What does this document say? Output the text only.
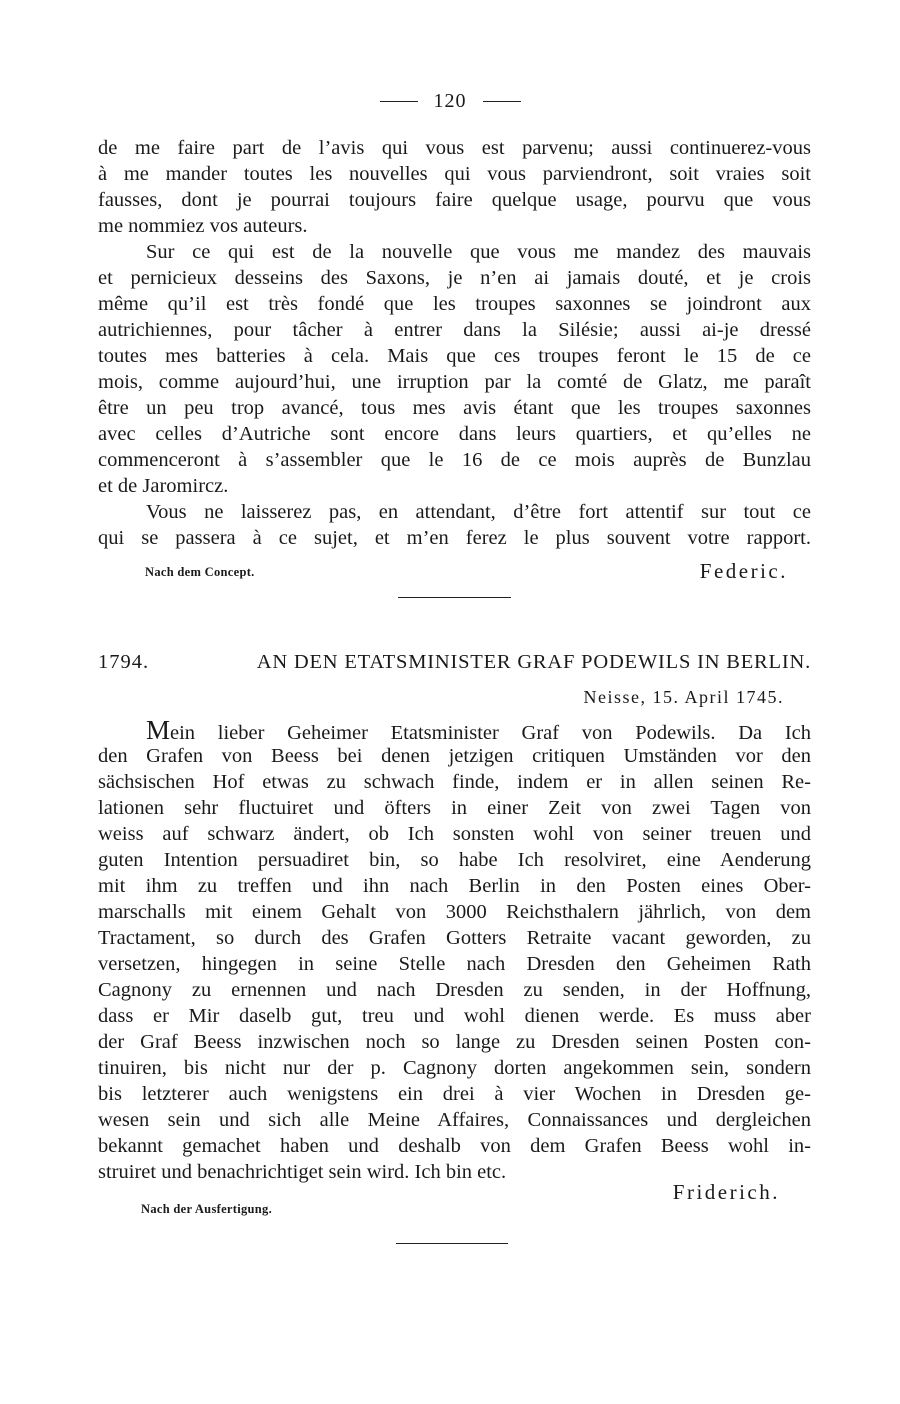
120
de me faire part de l’avis qui vous est parvenu; aussi continuerez-vous
à me mander toutes les nouvelles qui vous parviendront, soit vraies soit
fausses, dont je pourrai toujours faire quelque usage, pourvu que vous
me nommiez vos auteurs.
Sur ce qui est de la nouvelle que vous me mandez des mauvais
et pernicieux desseins des Saxons, je n’en ai jamais douté, et je crois
même qu’il est très fondé que les troupes saxonnes se joindront aux
autrichiennes, pour tâcher à entrer dans la Silésie; aussi ai-je dressé
toutes mes batteries à cela. Mais que ces troupes feront le 15 de ce
mois, comme aujourd’hui, une irruption par la comté de Glatz, me paraît
être un peu trop avancé, tous mes avis étant que les troupes saxonnes
avec celles d’Autriche sont encore dans leurs quartiers, et qu’elles ne
commenceront à s’assembler que le 16 de ce mois auprès de Bunzlau
et de Jaromircz.
Vous ne laisserez pas, en attendant, d’être fort attentif sur tout ce
qui se passera à ce sujet, et m’en ferez le plus souvent votre rapport.
Nach dem Concept.	Federic.
1794.	AN DEN ETATSMINISTER GRAF PODEWILS IN BERLIN.
Neisse, 15. April 1745.
Mein lieber Geheimer Etatsminister Graf von Podewils. Da Ich
den Grafen von Beess bei denen jetzigen critiquen Umständen vor den
sächsischen Hof etwas zu schwach finde, indem er in allen seinen Re-
lationen sehr fluctuiret und öfters in einer Zeit von zwei Tagen von
weiss auf schwarz ändert, ob Ich sonsten wohl von seiner treuen und
guten Intention persuadiret bin, so habe Ich resolviret, eine Aenderung
mit ihm zu treffen und ihn nach Berlin in den Posten eines Ober-
marschalls mit einem Gehalt von 3000 Reichsthalern jährlich, von dem
Tractament, so durch des Grafen Gotters Retraite vacant geworden, zu
versetzen, hingegen in seine Stelle nach Dresden den Geheimen Rath
Cagnony zu ernennen und nach Dresden zu senden, in der Hoffnung,
dass er Mir daselb gut, treu und wohl dienen werde. Es muss aber
der Graf Beess inzwischen noch so lange zu Dresden seinen Posten con-
tinuiren, bis nicht nur der p. Cagnony dorten angekommen sein, sondern
bis letzterer auch wenigstens ein drei à vier Wochen in Dresden ge-
wesen sein und sich alle Meine Affaires, Connaissances und dergleichen
bekannt gemachet haben und deshalb von dem Grafen Beess wohl in-
struiret und benachrichtiget sein wird. Ich bin etc.
Friderich.
Nach der Ausfertigung.
